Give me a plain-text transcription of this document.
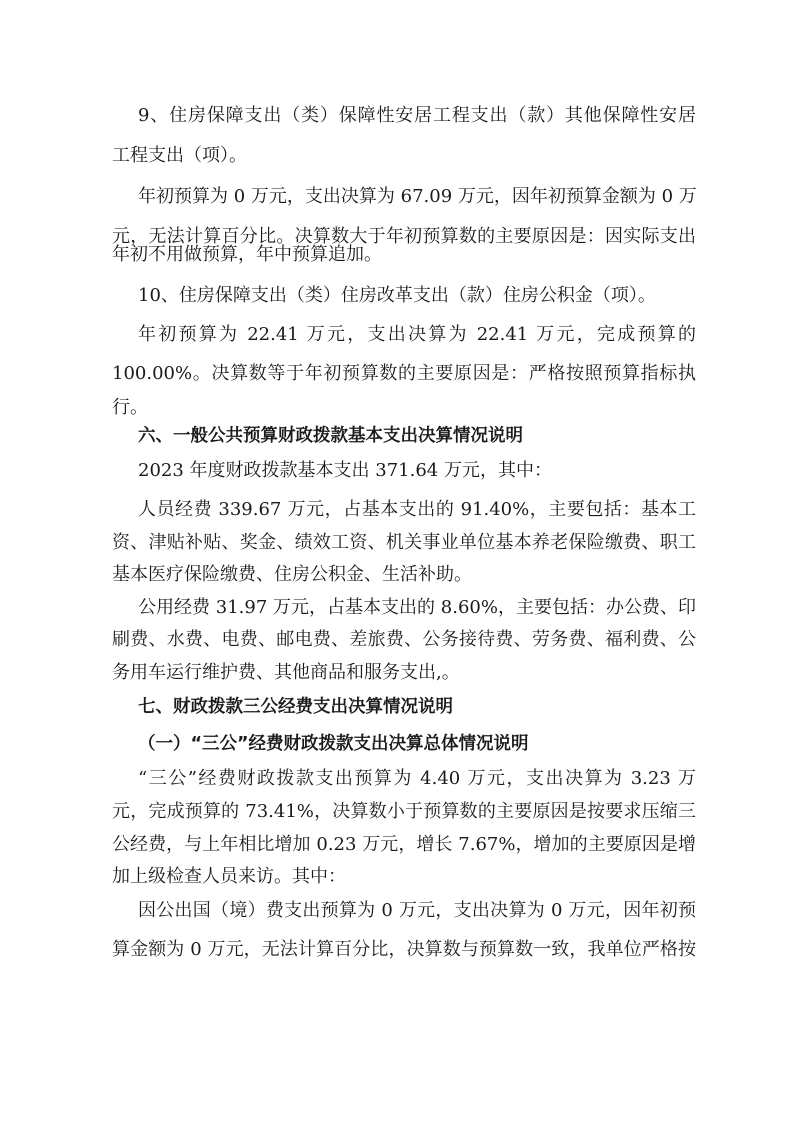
9、住房保障支出（类）保障性安居工程支出（款）其他保障性安居
工程支出（项）。
年初预算为 0 万元，支出决算为 67.09 万元，因年初预算金额为 0 万
元，无法计算百分比。决算数大于年初预算数的主要原因是：因实际支出
年初不用做预算，年中预算追加。
10、住房保障支出（类）住房改革支出（款）住房公积金（项）。
年初预算为 22.41 万元，支出决算为 22.41 万元，完成预算的
100.00%。决算数等于年初预算数的主要原因是：严格按照预算指标执
行。
六、一般公共预算财政拨款基本支出决算情况说明
2023 年度财政拨款基本支出 371.64 万元，其中：
人员经费 339.67 万元，占基本支出的 91.40%，主要包括：基本工
资、津贴补贴、奖金、绩效工资、机关事业单位基本养老保险缴费、职工
基本医疗保险缴费、住房公积金、生活补助。
公用经费 31.97 万元，占基本支出的 8.60%，主要包括：办公费、印
刷费、水费、电费、邮电费、差旅费、公务接待费、劳务费、福利费、公
务用车运行维护费、其他商品和服务支出,。
七、财政拨款三公经费支出决算情况说明
（一）“三公”经费财政拨款支出决算总体情况说明
“三公”经费财政拨款支出预算为 4.40 万元，支出决算为 3.23 万
元，完成预算的 73.41%，决算数小于预算数的主要原因是按要求压缩三
公经费，与上年相比增加 0.23 万元，增长 7.67%，增加的主要原因是增
加上级检查人员来访。其中：
因公出国（境）费支出预算为 0 万元，支出决算为 0 万元，因年初预
算金额为 0 万元，无法计算百分比，决算数与预算数一致，我单位严格按
